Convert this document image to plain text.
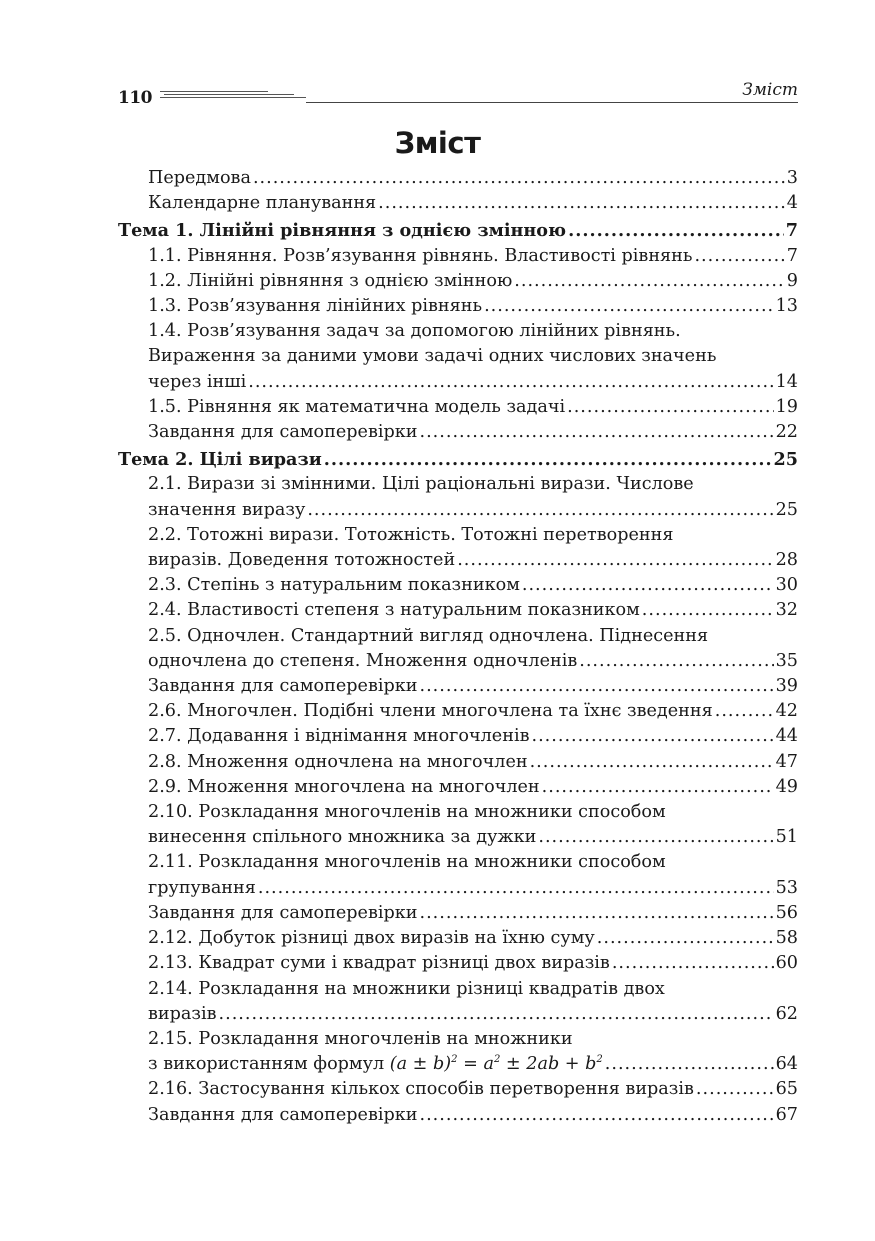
110	Зміст
Зміст
Передмова .....	3
Календарне планування .....	4
Тема 1. Лінійні рівняння з однією змінною .....	7
1.1. Рівняння. Розв’язування рівнянь. Властивості рівнянь .....	7
1.2. Лінійні рівняння з однією змінною .....	9
1.3. Розв’язування лінійних рівнянь .....	13
1.4. Розв’язування задач за допомогою лінійних рівнянь.
Вираження за даними умови задачі одних числових значень
через інші .....	14
1.5. Рівняння як математична модель задачі .....	19
Завдання для самоперевірки .....	22
Тема 2. Цілі вирази .....	25
2.1. Вирази зі змінними. Цілі раціональні вирази. Числове
значення виразу .....	25
2.2. Тотожні вирази. Тотожність. Тотожні перетворення
виразів. Доведення тотожностей .....	28
2.3. Степінь з натуральним показником .....	30
2.4. Властивості степеня з натуральним показником .....	32
2.5. Одночлен. Стандартний вигляд одночлена. Піднесення
одночлена до степеня. Множення одночленів .....	35
Завдання для самоперевірки .....	39
2.6. Многочлен. Подібні члени многочлена та їхнє зведення .....	42
2.7. Додавання і віднімання многочленів .....	44
2.8. Множення одночлена на многочлен .....	47
2.9. Множення многочлена на многочлен .....	49
2.10. Розкладання многочленів на множники способом
винесення спільного множника за дужки .....	51
2.11. Розкладання многочленів на множники способом
групування .....	53
Завдання для самоперевірки .....	56
2.12. Добуток різниці двох виразів на їхню суму .....	58
2.13. Квадрат суми і квадрат різниці двох виразів .....	60
2.14. Розкладання на множники різниці квадратів двох
виразів .....	62
2.15. Розкладання многочленів на множники
з використанням формул $(a \pm b)^2 = a^2 \pm 2ab + b^2$ .....	64
2.16. Застосування кількох способів перетворення виразів .....	65
Завдання для самоперевірки .....	67
